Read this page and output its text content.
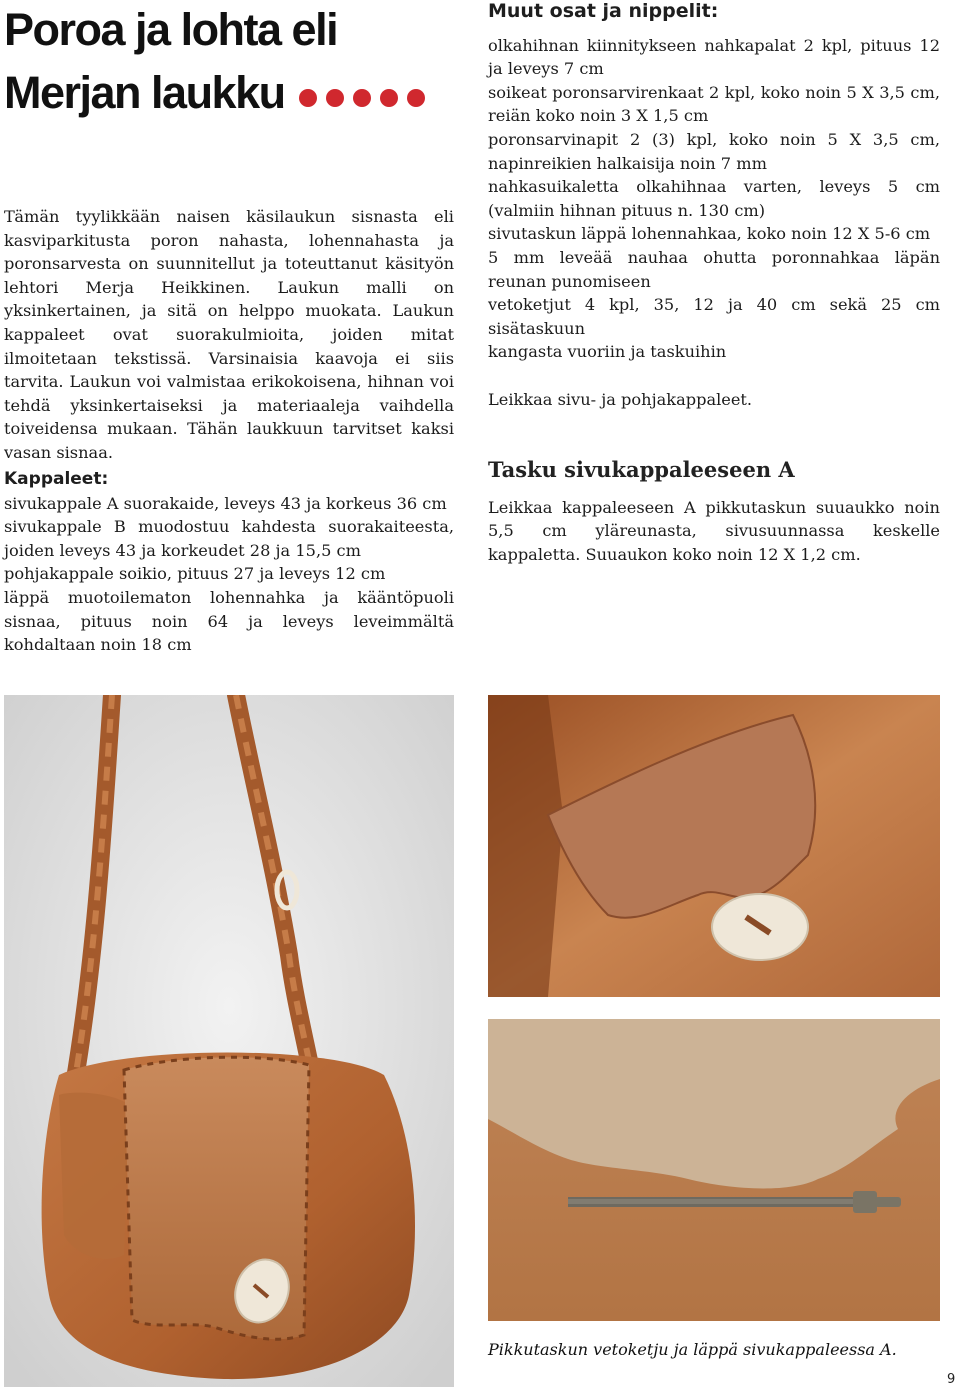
Poroa ja lohta eli
Merjan laukku

Tämän tyylikkään naisen käsilaukun sisnasta eli kasviparkitusta poron nahasta, lohennahasta ja poronsarvesta on suunnitellut ja toteuttanut käsityön lehtori Merja Heikkinen. Laukun malli on yksinkertainen, ja sitä on helppo muokata. Laukun kappaleet ovat suorakulmioita, joiden mitat ilmoitetaan tekstissä. Varsinaisia kaavoja ei siis tarvita. Laukun voi valmistaa erikokoisena, hihnan voi tehdä yksinkertaiseksi ja materiaaleja vaihdella toiveidensa mukaan. Tähän laukkuun tarvitset kaksi vasan sisnaa.

Kappaleet:

sivukappale A suorakaide, leveys 43 ja korkeus 36 cm

sivukappale B muodostuu kahdesta suorakaiteesta, joiden leveys 43 ja korkeudet 28 ja 15,5 cm

pohjakappale soikio, pituus 27 ja leveys 12 cm

läppä muotoilematon lohennahka ja kääntöpuoli sisnaa, pituus noin 64 ja leveys leveimmältä kohdaltaan noin 18 cm

Muut osat ja nippelit:

olkahihnan kiinnitykseen nahkapalat 2 kpl, pituus 12 ja leveys 7 cm

soikeat poronsarvirenkaat 2 kpl, koko noin 5 X 3,5 cm, reiän koko noin 3 X 1,5 cm

poronsarvinapit 2 (3) kpl, koko noin 5 X 3,5 cm, napinreikien halkaisija noin 7 mm

nahkasuikaletta olkahihnaa varten, leveys 5 cm (valmiin hihnan pituus n. 130 cm)

sivutaskun läppä lohennahkaa, koko noin 12 X 5-6 cm

5 mm leveää nauhaa ohutta poronnahkaa läpän reunan punomiseen

vetoketjut 4 kpl, 35, 12 ja 40 cm sekä 25 cm sisätaskuun

kangasta vuoriin ja taskuihin

Leikkaa sivu- ja pohjakappaleet.

Tasku sivukappaleeseen A

Leikkaa kappaleeseen A pikkutaskun suuaukko noin 5,5 cm yläreunasta, sivusuunnassa keskelle kappaletta. Suuaukon koko noin 12 X 1,2 cm.

Pikkutaskun vetoketju ja läppä sivukappaleessa A.
9
